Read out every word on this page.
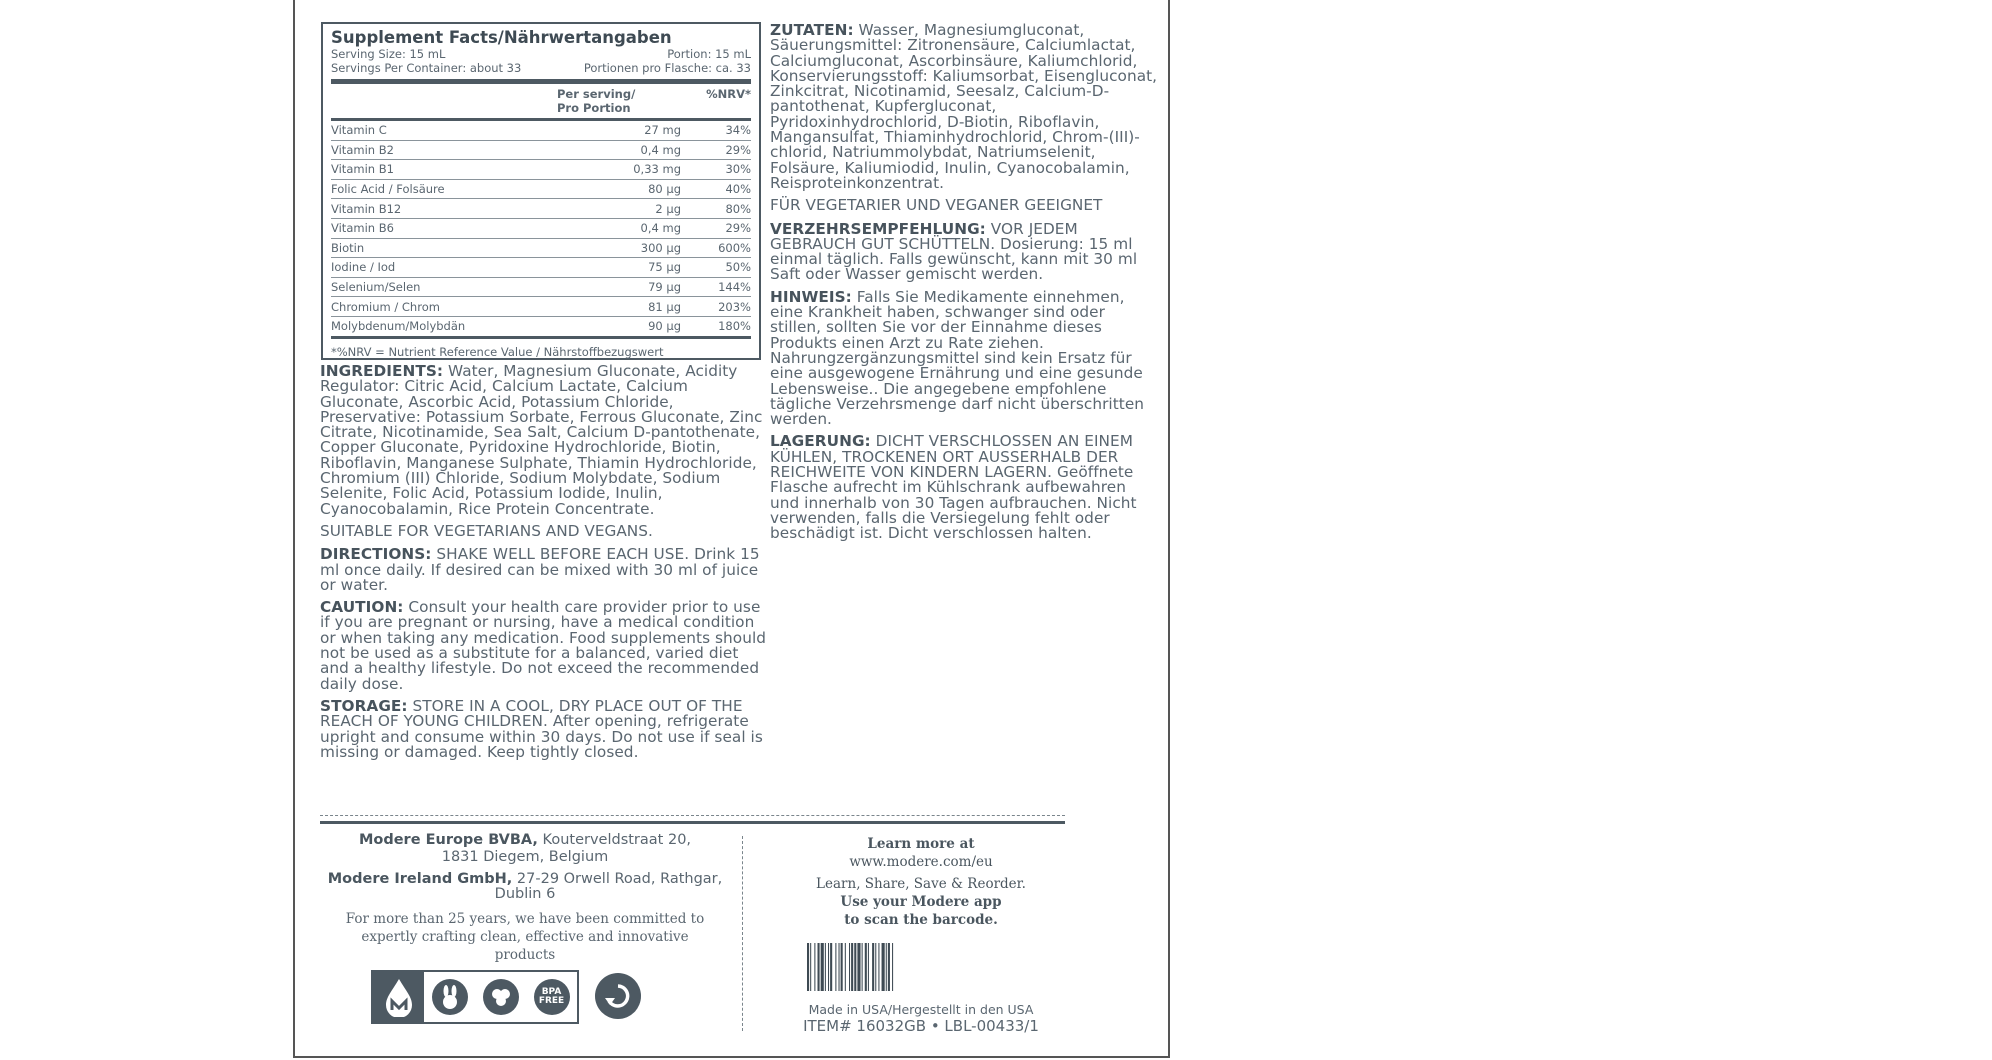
Supplement Facts/Nährwertangaben
Serving Size: 15 mL	Portion: 15 mL
Servings Per Container: about 33	Portionen pro Flasche: ca. 33
Per serving/ Pro Portion
%NRV*
Vitamin C	27 mg	34%
Vitamin B2	0,4 mg	29%
Vitamin B1	0,33 mg	30%
Folic Acid / Folsäure	80 µg	40%
Vitamin B12	2 µg	80%
Vitamin B6	0,4 mg	29%
Biotin	300 µg	600%
Iodine / Iod	75 µg	50%
Selenium/Selen	79 µg	144%
Chromium / Chrom	81 µg	203%
Molybdenum/Molybdän	90 µg	180%
*%NRV = Nutrient Reference Value / Nährstoffbezugswert

INGREDIENTS: Water, Magnesium Gluconate, Acidity Regulator: Citric Acid, Calcium Lactate, Calcium Gluconate, Ascorbic Acid, Potassium Chloride, Preservative: Potassium Sorbate, Ferrous Gluconate, Zinc Citrate, Nicotinamide, Sea Salt, Calcium D-pantothenate, Copper Gluconate, Pyridoxine Hydrochloride, Biotin, Riboflavin, Manganese Sulphate, Thiamin Hydrochloride, Chromium (III) Chloride, Sodium Molybdate, Sodium Selenite, Folic Acid, Potassium Iodide, Inulin, Cyanocobalamin, Rice Protein Concentrate.

SUITABLE FOR VEGETARIANS AND VEGANS.

DIRECTIONS: SHAKE WELL BEFORE EACH USE. Drink 15 ml once daily. If desired can be mixed with 30 ml of juice or water.

CAUTION: Consult your health care provider prior to use if you are pregnant or nursing, have a medical condition or when taking any medication. Food supplements should not be used as a substitute for a balanced, varied diet and a healthy lifestyle. Do not exceed the recommended daily dose.

STORAGE: STORE IN A COOL, DRY PLACE OUT OF THE REACH OF YOUNG CHILDREN. After opening, refrigerate upright and consume within 30 days. Do not use if seal is missing or damaged. Keep tightly closed.

ZUTATEN: Wasser, Magnesiumgluconat, Säuerungsmittel: Zitronensäure, Calciumlactat, Calciumgluconat, Ascorbinsäure, Kaliumchlorid, Konservierungsstoff: Kaliumsorbat, Eisengluconat, Zinkcitrat, Nicotinamid, Seesalz, Calcium-D-pantothenat, Kupfergluconat, Pyridoxinhydrochlorid, D-Biotin, Riboflavin, Mangansulfat, Thiaminhydrochlorid, Chrom-(III)-chlorid, Natriummolybdat, Natriumselenit, Folsäure, Kaliumiodid, Inulin, Cyanocobalamin, Reisproteinkonzentrat.

FÜR VEGETARIER UND VEGANER GEEIGNET

VERZEHRSEMPFEHLUNG: VOR JEDEM GEBRAUCH GUT SCHÜTTELN. Dosierung: 15 ml einmal täglich. Falls gewünscht, kann mit 30 ml Saft oder Wasser gemischt werden.

HINWEIS: Falls Sie Medikamente einnehmen, eine Krankheit haben, schwanger sind oder stillen, sollten Sie vor der Einnahme dieses Produkts einen Arzt zu Rate ziehen. Nahrungzergänzungsmittel sind kein Ersatz für eine ausgewogene Ernährung und eine gesunde Lebensweise.. Die angegebene empfohlene tägliche Verzehrsmenge darf nicht überschritten werden.

LAGERUNG: DICHT VERSCHLOSSEN AN EINEM KÜHLEN, TROCKENEN ORT AUSSERHALB DER REICHWEITE VON KINDERN LAGERN. Geöffnete Flasche aufrecht im Kühlschrank aufbewahren und innerhalb von 30 Tagen aufbrauchen. Nicht verwenden, falls die Versiegelung fehlt oder beschädigt ist. Dicht verschlossen halten.

Modere Europe BVBA, Kouterveldstraat 20,
1831 Diegem, Belgium
Modere Ireland GmbH, 27-29 Orwell Road, Rathgar,
Dublin 6
For more than 25 years, we have been committed to expertly crafting clean, effective and innovative products
BPA FREE
Learn more at
www.modere.com/eu
Learn, Share, Save & Reorder.
Use your Modere app
to scan the barcode.
Made in USA/Hergestellt in den USA
ITEM# 16032GB • LBL-00433/1
